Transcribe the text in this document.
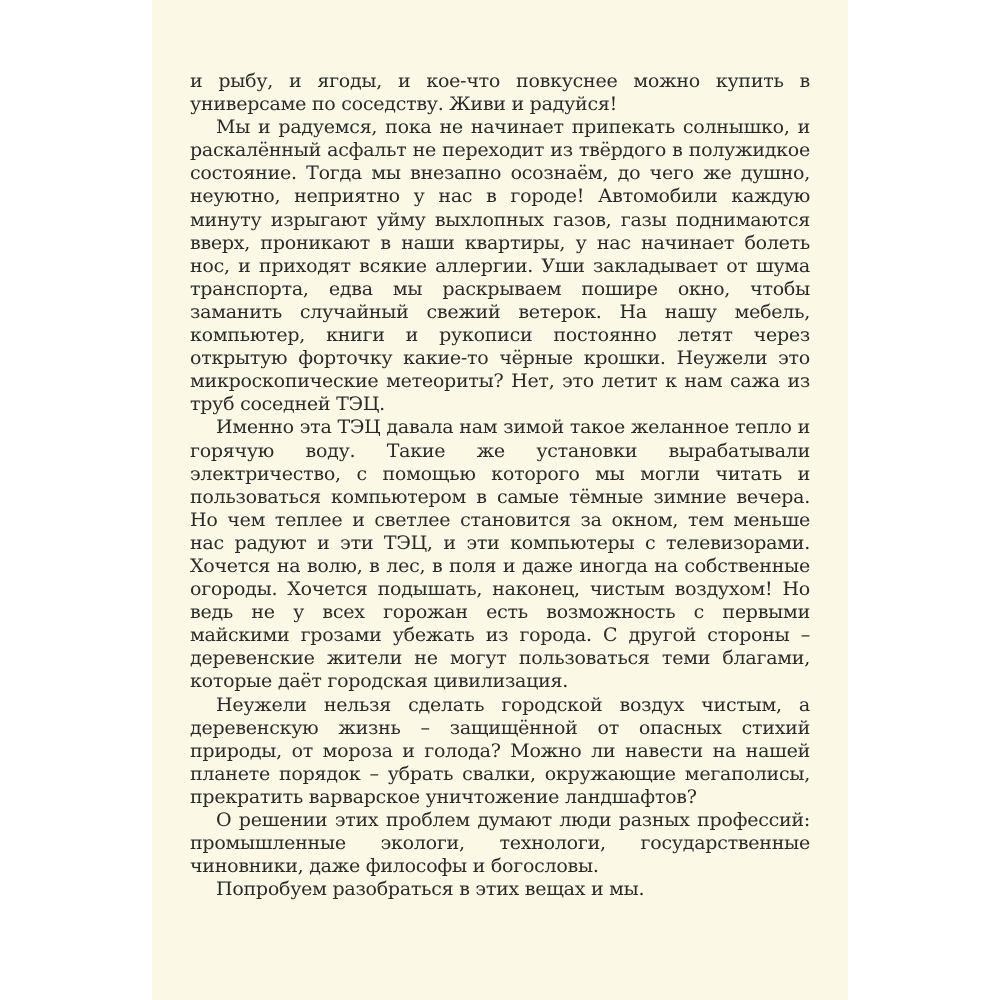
и рыбу, и ягоды, и кое-что повкуснее можно купить в универсаме по соседству. Живи и радуйся!

Мы и радуемся, пока не начинает припекать солнышко, и раскалённый асфальт не переходит из твёрдого в полужидкое состояние. Тогда мы внезапно осознаём, до чего же душно, неуютно, неприятно у нас в городе! Автомобили каждую минуту изрыгают уйму выхлопных газов, газы поднимаются вверх, проникают в наши квартиры, у нас начинает болеть нос, и приходят всякие аллергии. Уши закладывает от шума транспорта, едва мы раскрываем пошире окно, чтобы заманить случайный свежий ветерок. На нашу мебель, компьютер, книги и рукописи постоянно летят через открытую форточку какие-то чёрные крошки. Неужели это микроскопические метеориты? Нет, это летит к нам сажа из труб соседней ТЭЦ.

Именно эта ТЭЦ давала нам зимой такое желанное тепло и горячую воду. Такие же установки вырабатывали электричество, с помощью которого мы могли читать и пользоваться компьютером в самые тёмные зимние вечера. Но чем теплее и светлее становится за окном, тем меньше нас радуют и эти ТЭЦ, и эти компьютеры с телевизорами. Хочется на волю, в лес, в поля и даже иногда на собственные огороды. Хочется подышать, наконец, чистым воздухом! Но ведь не у всех горожан есть возможность с первыми майскими грозами убежать из города. С другой стороны – деревенские жители не могут пользоваться теми благами, которые даёт городская цивилизация.

Неужели нельзя сделать городской воздух чистым, а деревенскую жизнь – защищённой от опасных стихий природы, от мороза и голода? Можно ли навести на нашей планете порядок – убрать свалки, окружающие мегаполисы, прекратить варварское уничтожение ландшафтов?

О решении этих проблем думают люди разных профессий: промышленные экологи, технологи, государственные чиновники, даже философы и богословы.

Попробуем разобраться в этих вещах и мы.
